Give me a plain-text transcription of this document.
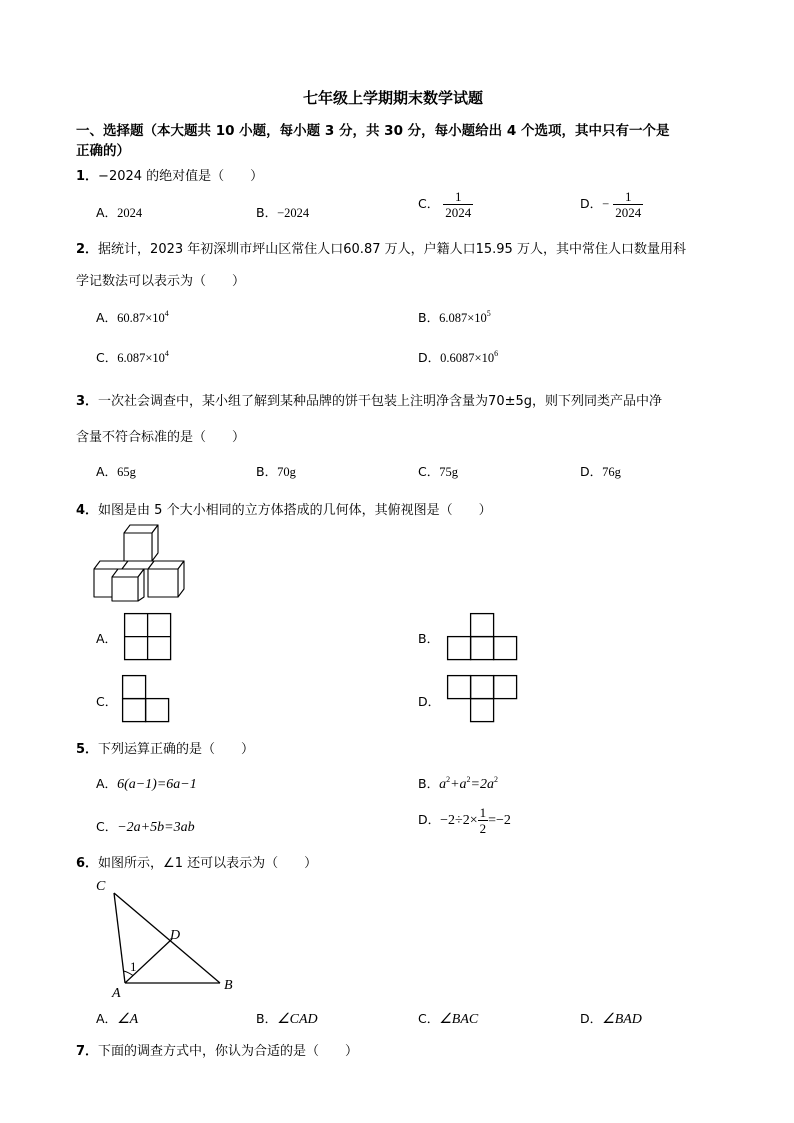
七年级上学期期末数学试题
一、选择题（本大题共 10 小题，每小题 3 分，共 30 分，每小题给出 4 个选项，其中只有一个是
正确的）
1．−2024 的绝对值是（　　）
A．2024	B．−2024
C． $\frac{1}{2024}$	D．− $\frac{1}{2024}$
2．据统计，2023 年初深圳市坪山区常住人口60.87 万人，户籍人口15.95 万人，其中常住人口数量用科
学记数法可以表示为（　　）
A．$60.87\times 10^4$	B．$6.087\times 10^5$
C．$6.087\times 10^4$	D．$0.6087\times 10^6$
3．一次社会调查中，某小组了解到某种品牌的饼干包装上注明净含量为70±5g，则下列同类产品中净
含量不符合标准的是（　　）
A．65g	B．70g	C．75g	D．76g
4．如图是由 5 个大小相同的立方体搭成的几何体，其俯视图是（　　）
A．	B．
C．	D．
5．下列运算正确的是（　　）
A．6(a−1)=6a−1	B．$a^2+a^2=2a^2$
C．−2a+5b=3ab
D．$-2\div 2\times \frac{1}{2} =-2$
6．如图所示，∠1 还可以表示为（　　）
C
D
A
B
1
A．∠A	B．∠CAD	C．∠BAC	D．∠BAD
7．下面的调查方式中，你认为合适的是（　　）
